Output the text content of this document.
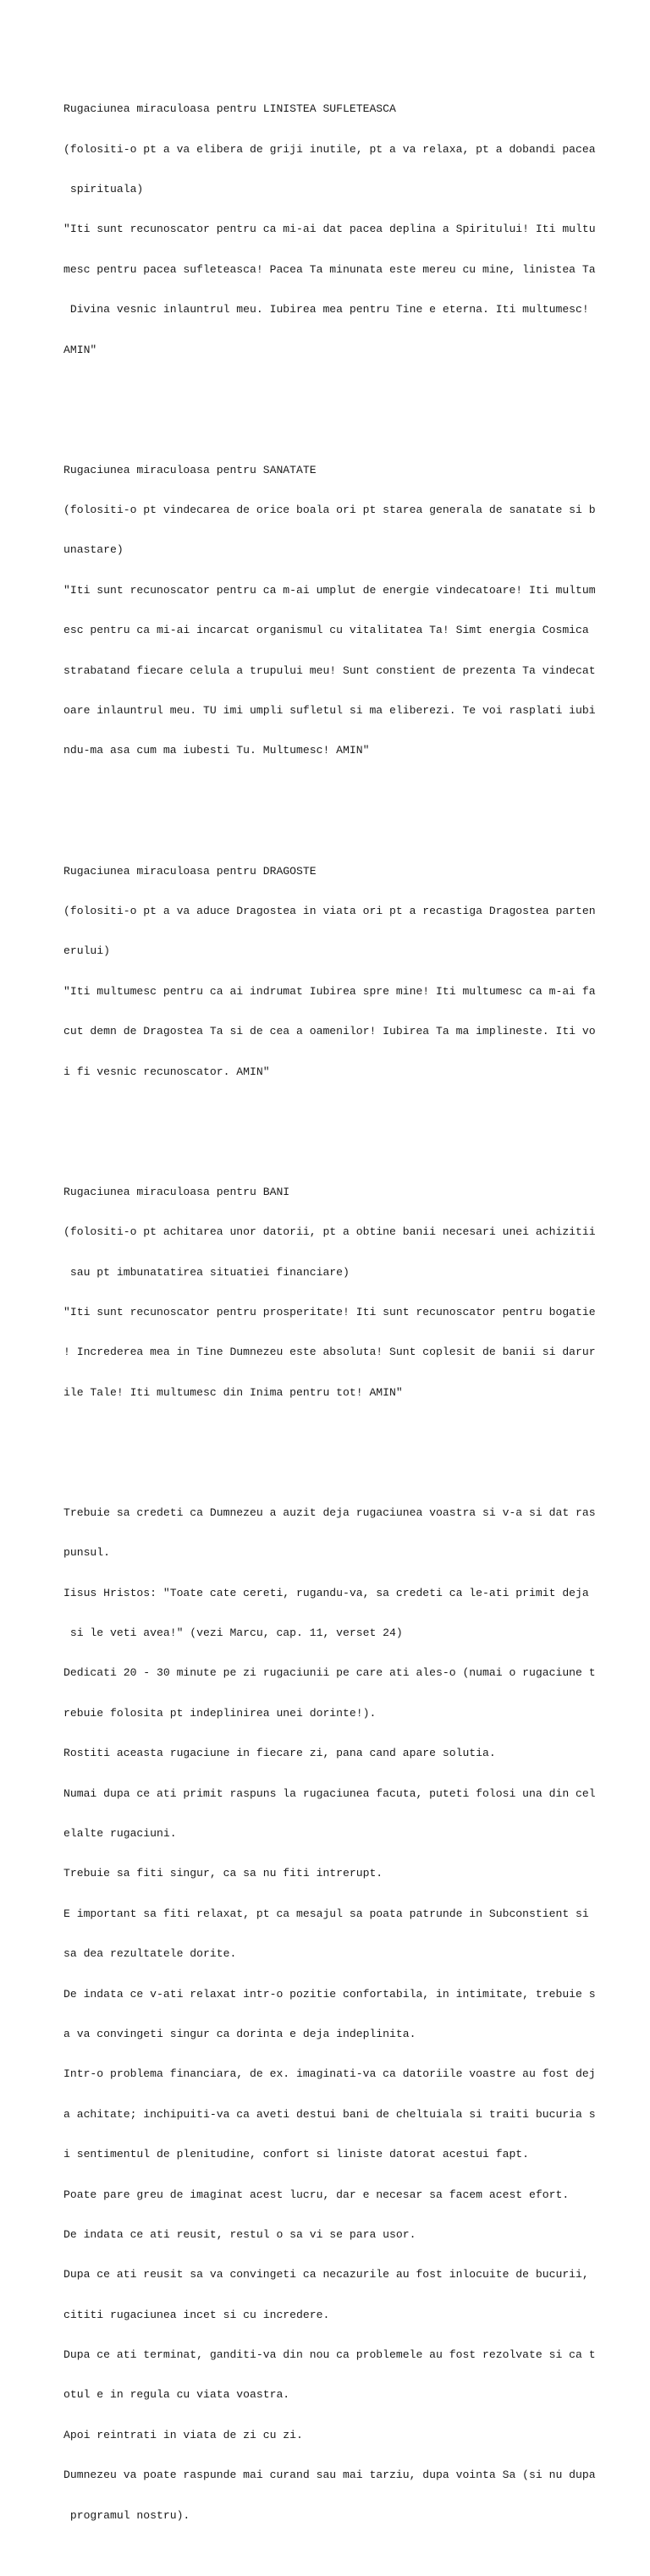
Rugaciunea miraculoasa pentru LINISTEA SUFLETEASCA

(folositi-o pt a va elibera de griji inutile, pt a va relaxa, pt a dobandi pacea

spirituala)

"Iti sunt recunoscator pentru ca mi-ai dat pacea deplina a Spiritului! Iti multu

mesc pentru pacea sufleteasca! Pacea Ta minunata este mereu cu mine, linistea Ta

Divina vesnic inlauntrul meu. Iubirea mea pentru Tine e eterna. Iti multumesc!

AMIN"

Rugaciunea miraculoasa pentru SANATATE

(folositi-o pt vindecarea de orice boala ori pt starea generala de sanatate si b

unastare)

"Iti sunt recunoscator pentru ca m-ai umplut de energie vindecatoare! Iti multum

esc pentru ca mi-ai incarcat organismul cu vitalitatea Ta! Simt energia Cosmica

strabatand fiecare celula a trupului meu! Sunt constient de prezenta Ta vindecat

oare inlauntrul meu. TU imi umpli sufletul si ma eliberezi. Te voi rasplati iubi

ndu-ma asa cum ma iubesti Tu. Multumesc! AMIN"

Rugaciunea miraculoasa pentru DRAGOSTE

(folositi-o pt a va aduce Dragostea in viata ori pt a recastiga Dragostea parten

erului)

"Iti multumesc pentru ca ai indrumat Iubirea spre mine! Iti multumesc ca m-ai fa

cut demn de Dragostea Ta si de cea a oamenilor! Iubirea Ta ma implineste. Iti vo

i fi vesnic recunoscator. AMIN"

Rugaciunea miraculoasa pentru BANI

(folositi-o pt achitarea unor datorii, pt a obtine banii necesari unei achizitii

sau pt imbunatatirea situatiei financiare)

"Iti sunt recunoscator pentru prosperitate! Iti sunt recunoscator pentru bogatie

! Increderea mea in Tine Dumnezeu este absoluta! Sunt coplesit de banii si darur

ile Tale! Iti multumesc din Inima pentru tot! AMIN"

Trebuie sa credeti ca Dumnezeu a auzit deja rugaciunea voastra si v-a si dat ras

punsul.

Iisus Hristos: "Toate cate cereti, rugandu-va, sa credeti ca le-ati primit deja

si le veti avea!" (vezi Marcu, cap. 11, verset 24)

Dedicati 20 - 30 minute pe zi rugaciunii pe care ati ales-o (numai o rugaciune t

rebuie folosita pt indeplinirea unei dorinte!).

Rostiti aceasta rugaciune in fiecare zi, pana cand apare solutia.

Numai dupa ce ati primit raspuns la rugaciunea facuta, puteti folosi una din cel

elalte rugaciuni.

Trebuie sa fiti singur, ca sa nu fiti intrerupt.

E important sa fiti relaxat, pt ca mesajul sa poata patrunde in Subconstient si

sa dea rezultatele dorite.

De indata ce v-ati relaxat intr-o pozitie confortabila, in intimitate, trebuie s

a va convingeti singur ca dorinta e deja indeplinita.

Intr-o problema financiara, de ex. imaginati-va ca datoriile voastre au fost dej

a achitate; inchipuiti-va ca aveti destui bani de cheltuiala si traiti bucuria s

i sentimentul de plenitudine, confort si liniste datorat acestui fapt.

Poate pare greu de imaginat acest lucru, dar e necesar sa facem acest efort.

De indata ce ati reusit, restul o sa vi se para usor.

Dupa ce ati reusit sa va convingeti ca necazurile au fost inlocuite de bucurii,

cititi rugaciunea incet si cu incredere.

Dupa ce ati terminat, ganditi-va din nou ca problemele au fost rezolvate si ca t

otul e in regula cu viata voastra.

Apoi reintrati in viata de zi cu zi.

Dumnezeu va poate raspunde mai curand sau mai tarziu, dupa vointa Sa (si nu dupa

programul nostru).
